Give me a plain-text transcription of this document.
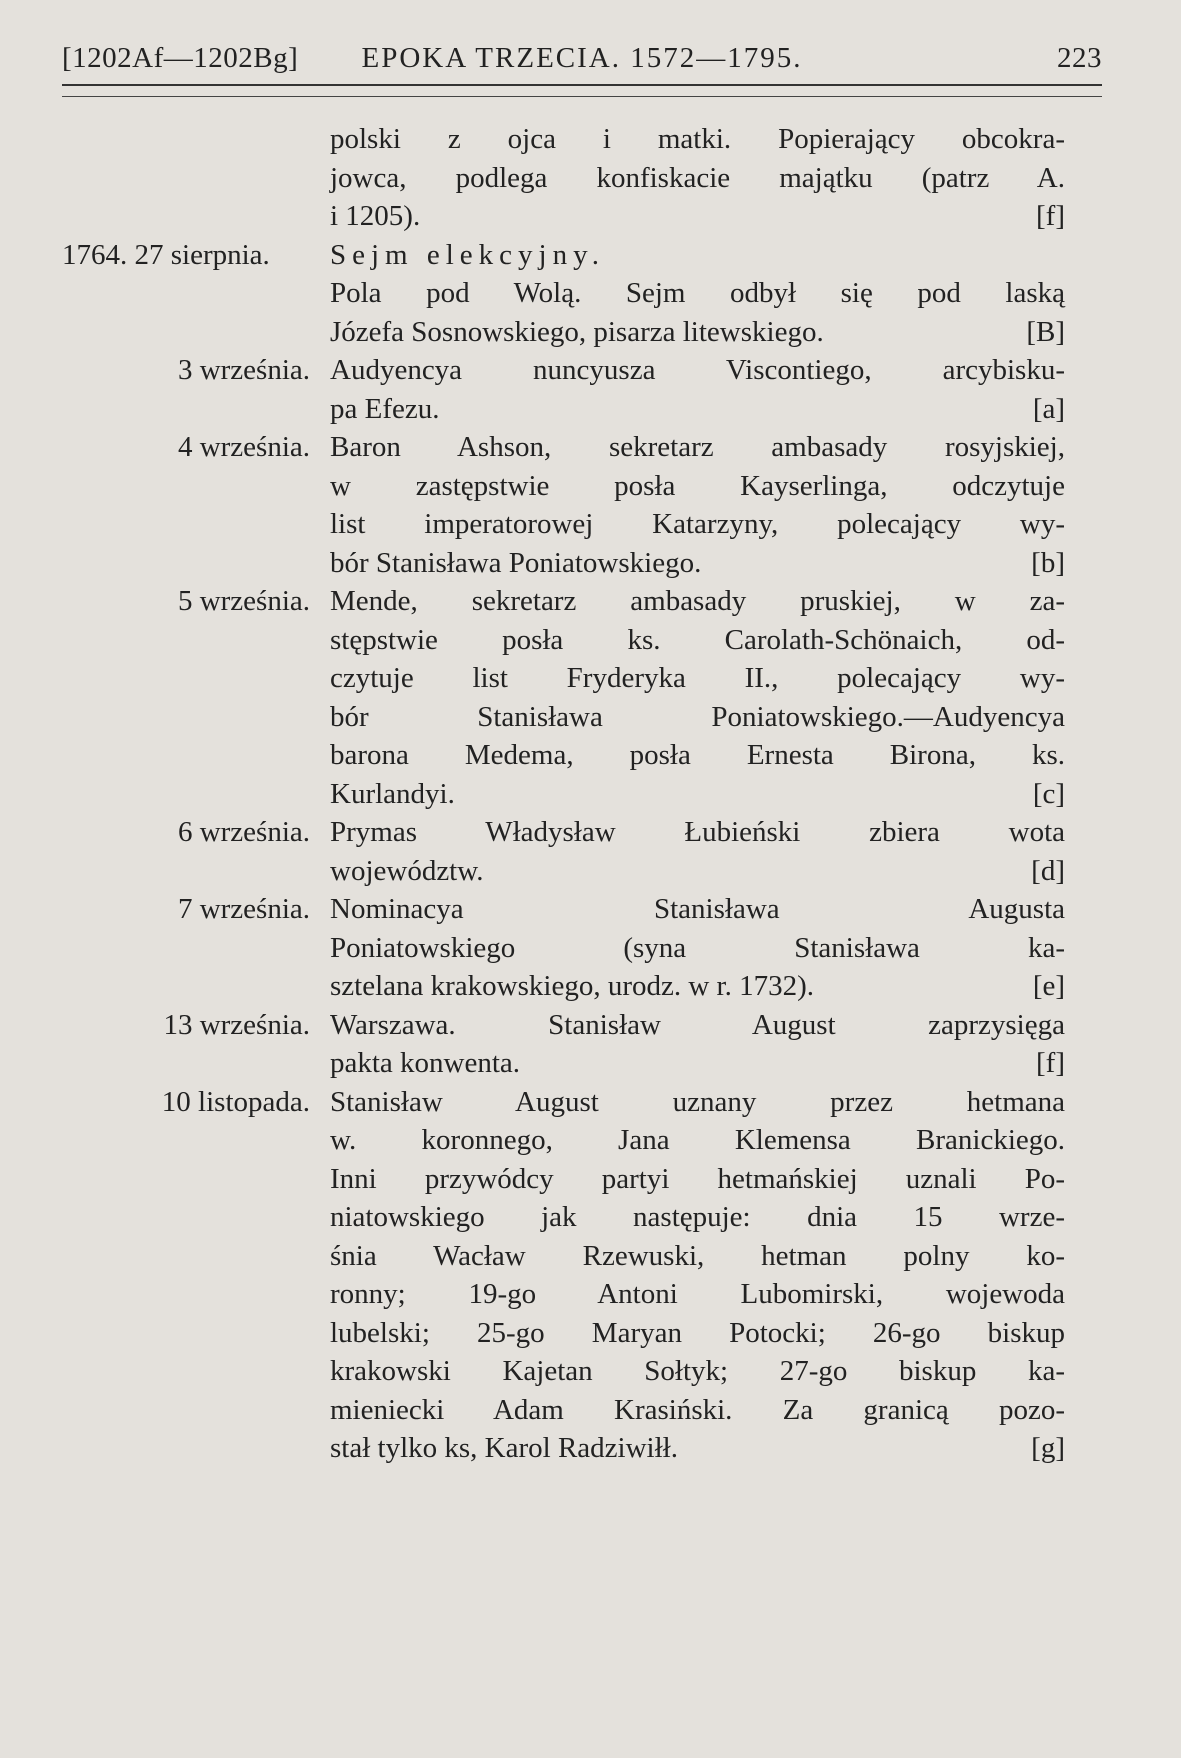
[1202Af—1202Bg]	EPOKA TRZECIA. 1572—1795.	223
polski z ojca i matki. Popierający obcokra-
jowca, podlega konfiskacie majątku (patrz A.
i 1205).	[f]
1764. 27 sierpnia.	Sejm elekcyjny.
Pola pod Wolą. Sejm odbył się pod laską
Józefa Sosnowskiego, pisarza litewskiego.	[B]
3 września. Audyencya nuncyusza Viscontiego, arcybisku-
pa Efezu.	[a]
4 września. Baron Ashson, sekretarz ambasady rosyjskiej,
w zastępstwie posła Kayserlinga, odczytuje
list imperatorowej Katarzyny, polecający wy-
bór Stanisława Poniatowskiego.	[b]
5 września. Mende, sekretarz ambasady pruskiej, w za-
stępstwie posła ks. Carolath-Schönaich, od-
czytuje list Fryderyka II., polecający wy-
bór Stanisława Poniatowskiego.—Audyencya
barona Medema, posła Ernesta Birona, ks.
Kurlandyi.	[c]
6 września. Prymas Władysław Łubieński zbiera wota
województw.	[d]
7 września. Nominacya Stanisława Augusta
Poniatowskiego (syna Stanisława ka-
sztelana krakowskiego, urodz. w r. 1732).	[e]
13 września. Warszawa. Stanisław August zaprzysięga
pakta konwenta.	[f]
10 listopada. Stanisław August uznany przez hetmana
w. koronnego, Jana Klemensa Branickiego.
Inni przywódcy partyi hetmańskiej uznali Po-
niatowskiego jak następuje: dnia 15 wrze-
śnia Wacław Rzewuski, hetman polny ko-
ronny; 19-go Antoni Lubomirski, wojewoda
lubelski; 25-go Maryan Potocki; 26-go biskup
krakowski Kajetan Sołtyk; 27-go biskup ka-
mieniecki Adam Krasiński. Za granicą pozo-
stał tylko ks, Karol Radziwiłł.	[g]
